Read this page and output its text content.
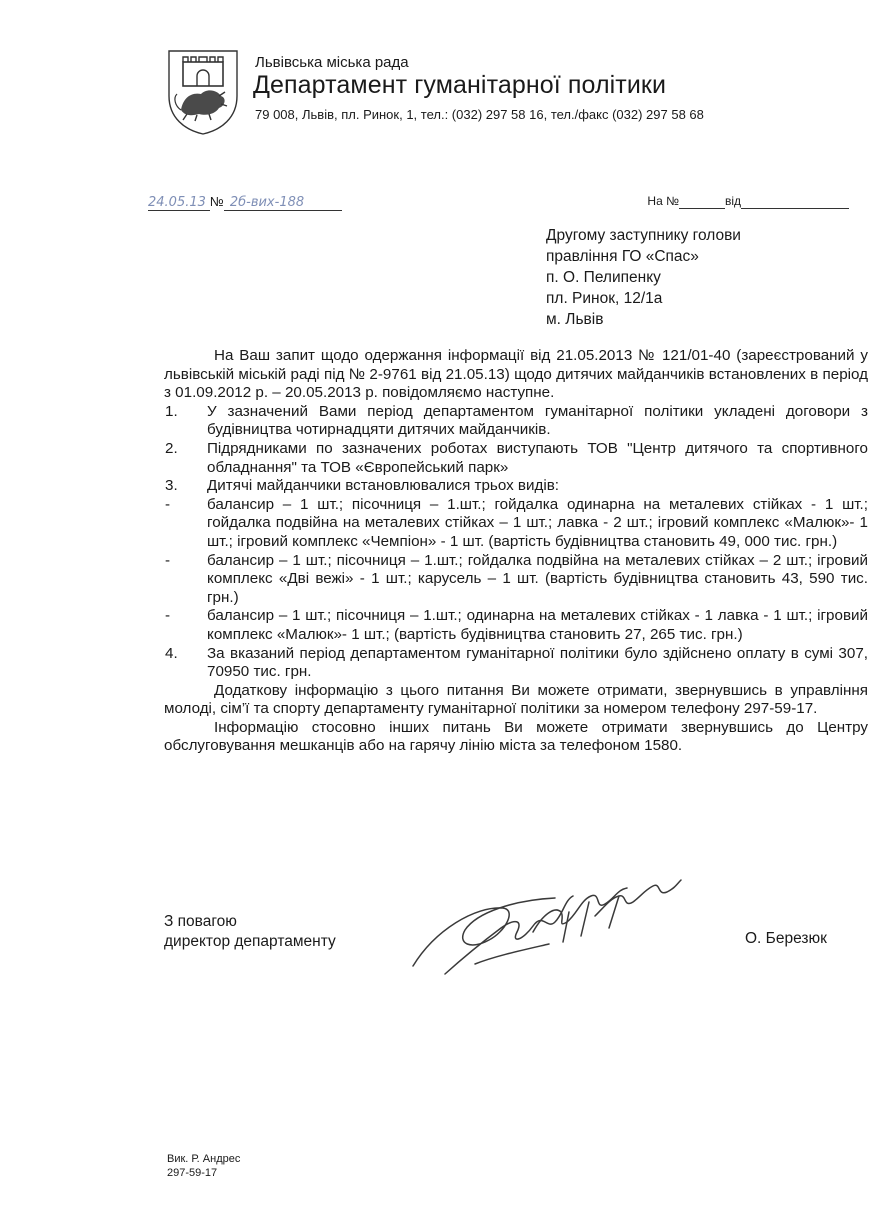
Львівська міська рада
Департамент гуманітарної політики
79 008, Львів, пл. Ринок, 1, тел.: (032) 297 58 16, тел./факс (032) 297 58 68
24.05.13 № 2б-вих-188	На №	від
Другому заступнику голови
правління ГО «Спас»
п. О. Пелипенку
пл. Ринок, 12/1а
м. Львів
На Ваш запит щодо одержання інформації від 21.05.2013 № 121/01-40 (зареєстрований у львівській міській раді під № 2-9761 від 21.05.13) щодо дитячих майданчиків встановлених в період з 01.09.2012 р. – 20.05.2013 р. повідомляємо наступне.
1. У зазначений Вами період департаментом гуманітарної політики укладені договори з будівництва чотирнадцяти дитячих майданчиків.
2. Підрядниками по зазначених роботах виступають ТОВ "Центр дитячого та спортивного обладнання" та ТОВ «Європейський парк»
3. Дитячі майданчики встановлювалися трьох видів:
- балансир – 1 шт.; пісочниця – 1.шт.; гойдалка одинарна на металевих стійках - 1 шт.; гойдалка подвійна на металевих стійках – 1 шт.; лавка - 2 шт.; ігровий комплекс «Малюк»- 1 шт.; ігровий комплекс «Чемпіон» - 1 шт. (вартість будівництва становить 49, 000 тис. грн.)
- балансир – 1 шт.; пісочниця – 1.шт.; гойдалка подвійна на металевих стійках – 2 шт.; ігровий комплекс «Дві вежі» - 1 шт.; карусель – 1 шт. (вартість будівництва становить 43, 590 тис. грн.)
- балансир – 1 шт.; пісочниця – 1.шт.; одинарна на металевих стійках - 1 лавка - 1 шт.; ігровий комплекс «Малюк»- 1 шт.; (вартість будівництва становить 27, 265 тис. грн.)
4. За вказаний період департаментом гуманітарної політики було здійснено оплату в сумі 307, 70950 тис. грн.
Додаткову інформацію з цього питання Ви можете отримати, звернувшись в управління молоді, сім’ї та спорту департаменту гуманітарної політики за номером телефону 297-59-17.
Інформацію стосовно інших питань Ви можете отримати звернувшись до Центру обслуговування мешканців або на гарячу лінію міста за телефоном 1580.
З повагою
директор департаменту	О. Березюк
Вик. Р. Андрес
297-59-17
